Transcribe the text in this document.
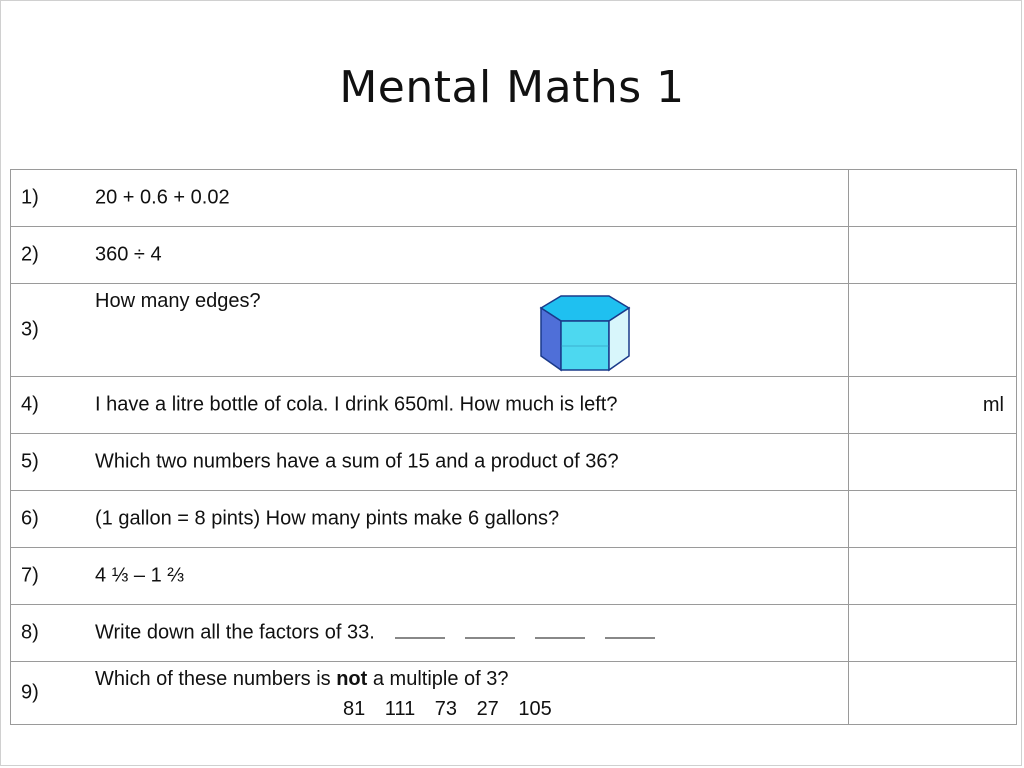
Mental Maths 1
1) 20 + 0.6 + 0.02	

2) 360 ÷ 4	

3)
How many edges?	

4) I have a litre bottle of cola. I drink 650ml. How much is left?	ml

5) Which two numbers have a sum of 15 and a product of 36?	

6) (1 gallon = 8 pints) How many pints make 6 gallons?	

7) 4 ⅓ – 1 ⅔	

8) Write down all the factors of 33.	

9)
Which of these numbers is not a multiple of 3?
81 111 73 27 105	
